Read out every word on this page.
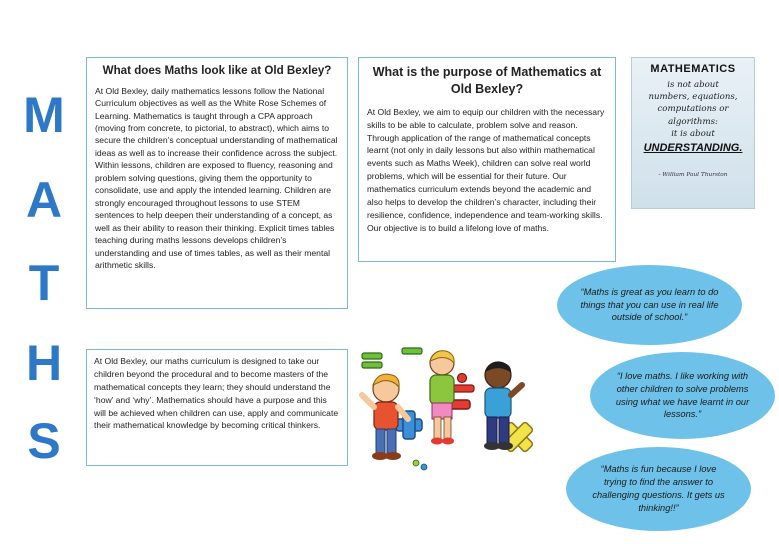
M
A
T
H
S
What does Maths look like at Old Bexley?

At Old Bexley, daily mathematics lessons follow the National Curriculum objectives as well as the White Rose Schemes of Learning. Mathematics is taught through a CPA approach (moving from concrete, to pictorial, to abstract), which aims to secure the children’s conceptual understanding of mathematical ideas as well as to increase their confidence across the subject. Within lessons, children are exposed to fluency, reasoning and problem solving questions, giving them the opportunity to consolidate, use and apply the intended learning. Children are strongly encouraged throughout lessons to use STEM sentences to help deepen their understanding of a concept, as well as their ability to reason their thinking. Explicit times tables teaching during maths lessons develops children’s understanding and use of times tables, as well as their mental arithmetic skills.

What is the purpose of Mathematics at Old Bexley?

At Old Bexley, we aim to equip our children with the necessary skills to be able to calculate, problem solve and reason. Through application of the range of mathematical concepts learnt (not only in daily lessons but also within mathematical events such as Maths Week), children can solve real world problems, which will be essential for their future. Our mathematics curriculum extends beyond the academic and also helps to develop the children’s character, including their resilience, confidence, independence and team-working skills. Our objective is to build a lifelong love of maths.

At Old Bexley, our maths curriculum is designed to take our children beyond the procedural and to become masters of the mathematical concepts they learn; they should understand the ‘how’ and ‘why’. Mathematics should have a purpose and this will be achieved when children can use, apply and communicate their mathematical knowledge by becoming critical thinkers.

MATHEMATICS
is not about
numbers, equations,
computations or
algorithms:
it is about
UNDERSTANDING.
- William Paul Thurston
“Maths is great as you learn to do things that you can use in real life outside of school.”
“I love maths. I like working with other children to solve problems using what we have learnt in our lessons.”
“Maths is fun because I love trying to find the answer to challenging questions. It gets us thinking!!”
